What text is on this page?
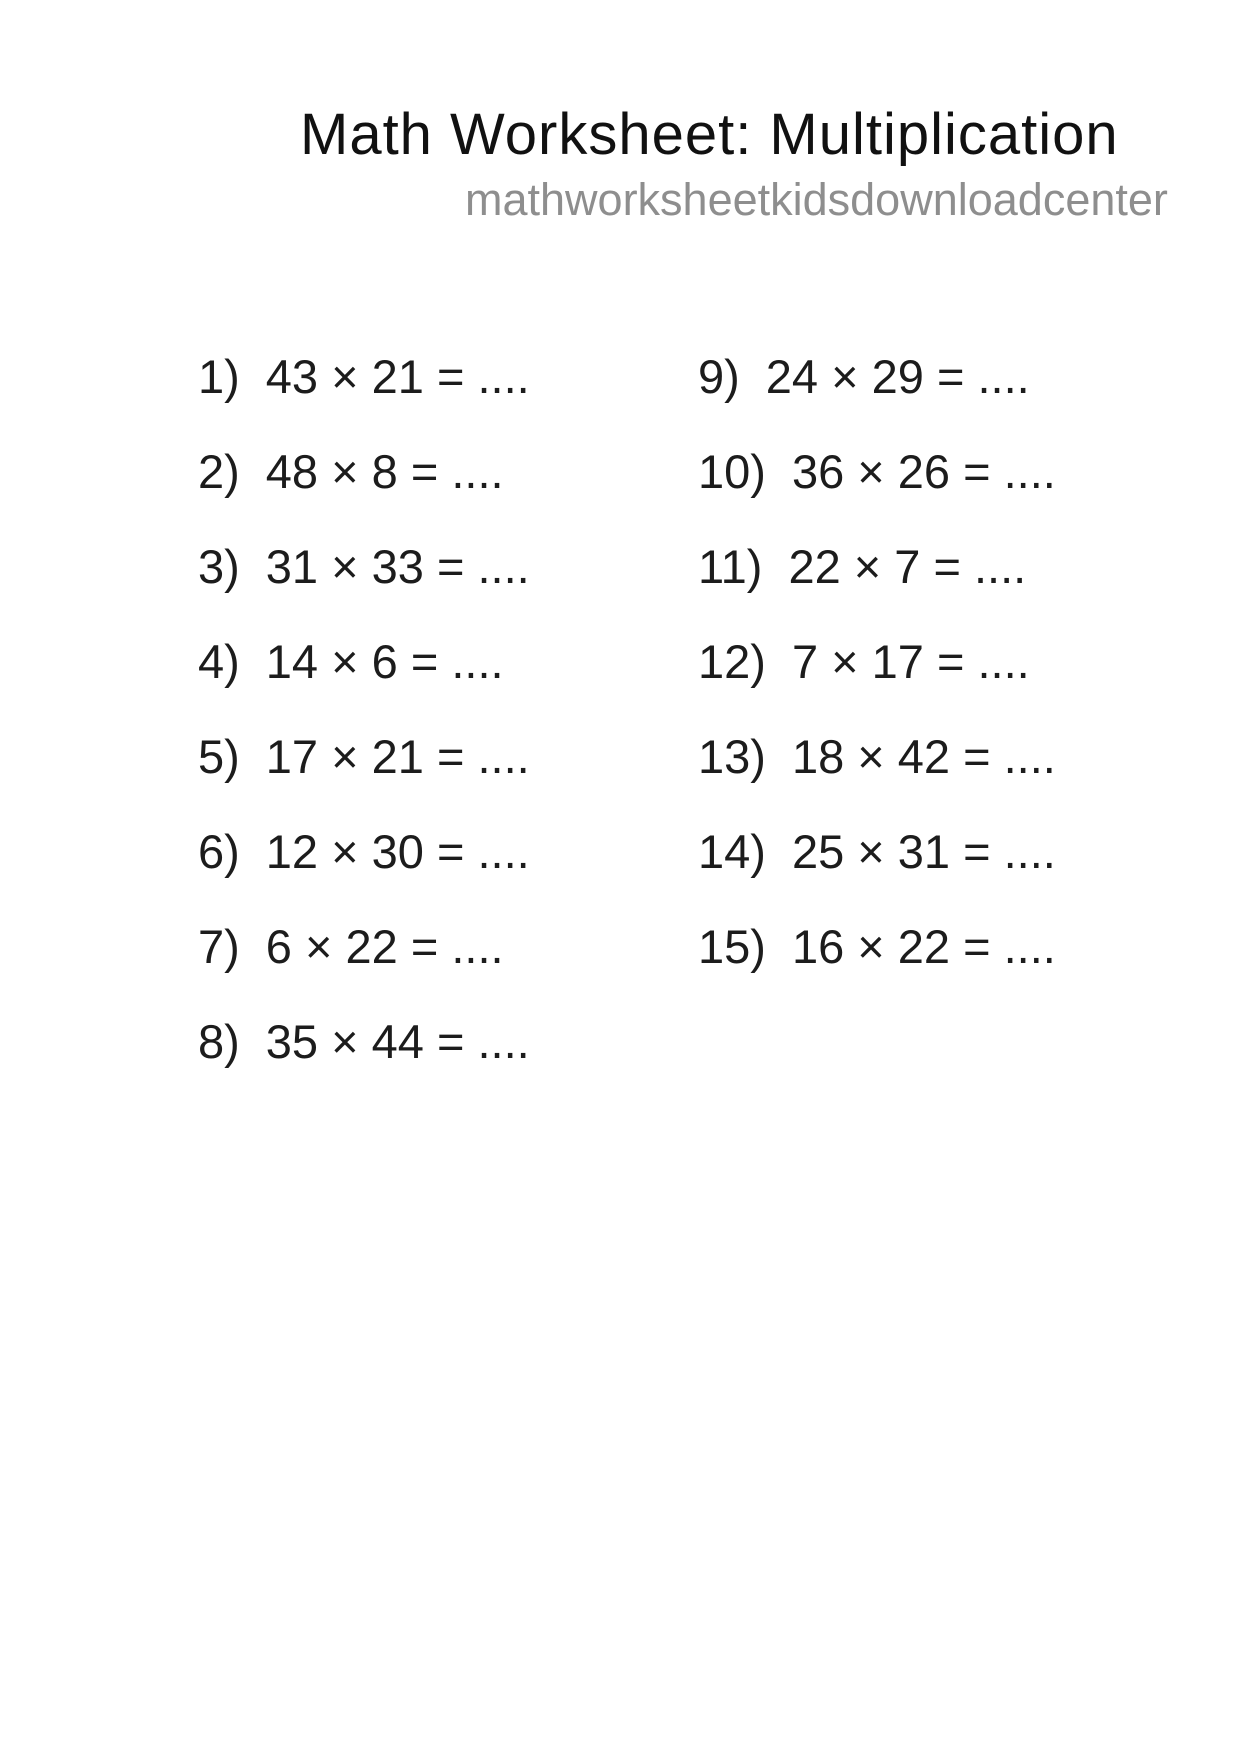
Math Worksheet: Multiplication
mathworksheetkidsdownloadcenter
1) 43 × 21 = ....
2) 48 × 8 = ....
3) 31 × 33 = ....
4) 14 × 6 = ....
5) 17 × 21 = ....
6) 12 × 30 = ....
7) 6 × 22 = ....
8) 35 × 44 = ....
9) 24 × 29 = ....
10) 36 × 26 = ....
11) 22 × 7 = ....
12) 7 × 17 = ....
13) 18 × 42 = ....
14) 25 × 31 = ....
15) 16 × 22 = ....
